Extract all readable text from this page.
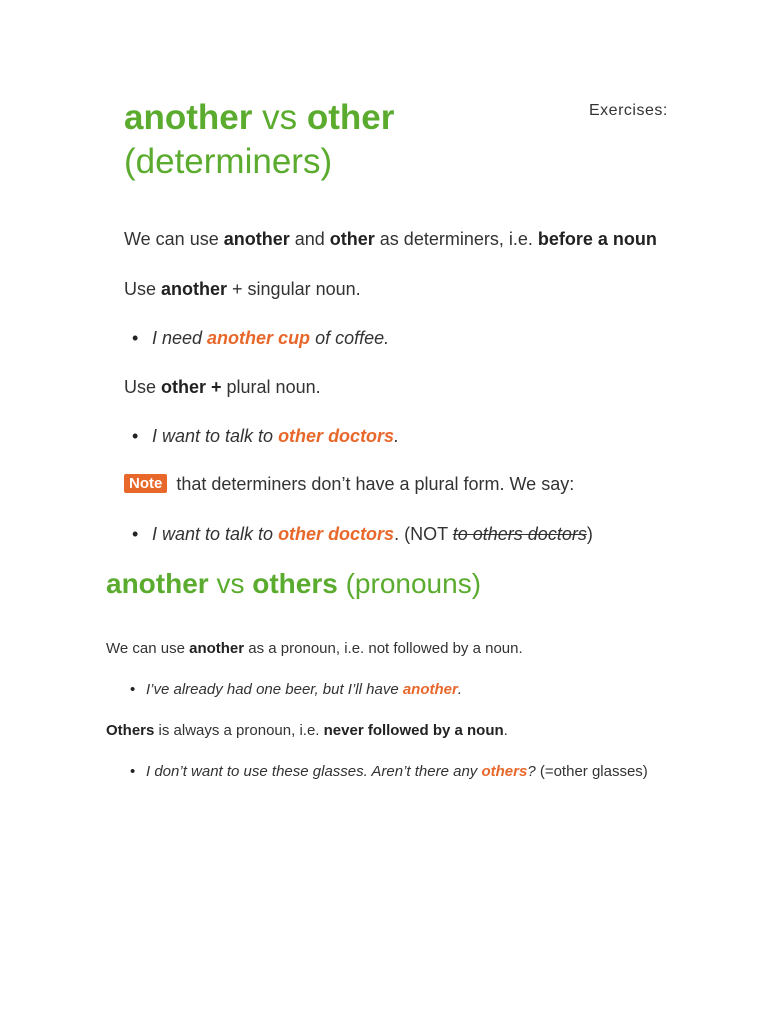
Exercises:
another vs other
(determiners)
We can use another and other as determiners, i.e. before a noun
Use another + singular noun.
• I need another cup of coffee.
Use other + plural noun.
• I want to talk to other doctors.
Note that determiners don’t have a plural form. We say:
• I want to talk to other doctors. (NOT to others doctors)
another vs others (pronouns)
We can use another as a pronoun, i.e. not followed by a noun.
• I’ve already had one beer, but I’ll have another.
Others is always a pronoun, i.e. never followed by a noun.
• I don’t want to use these glasses. Aren’t there any others? (=other glasses)
